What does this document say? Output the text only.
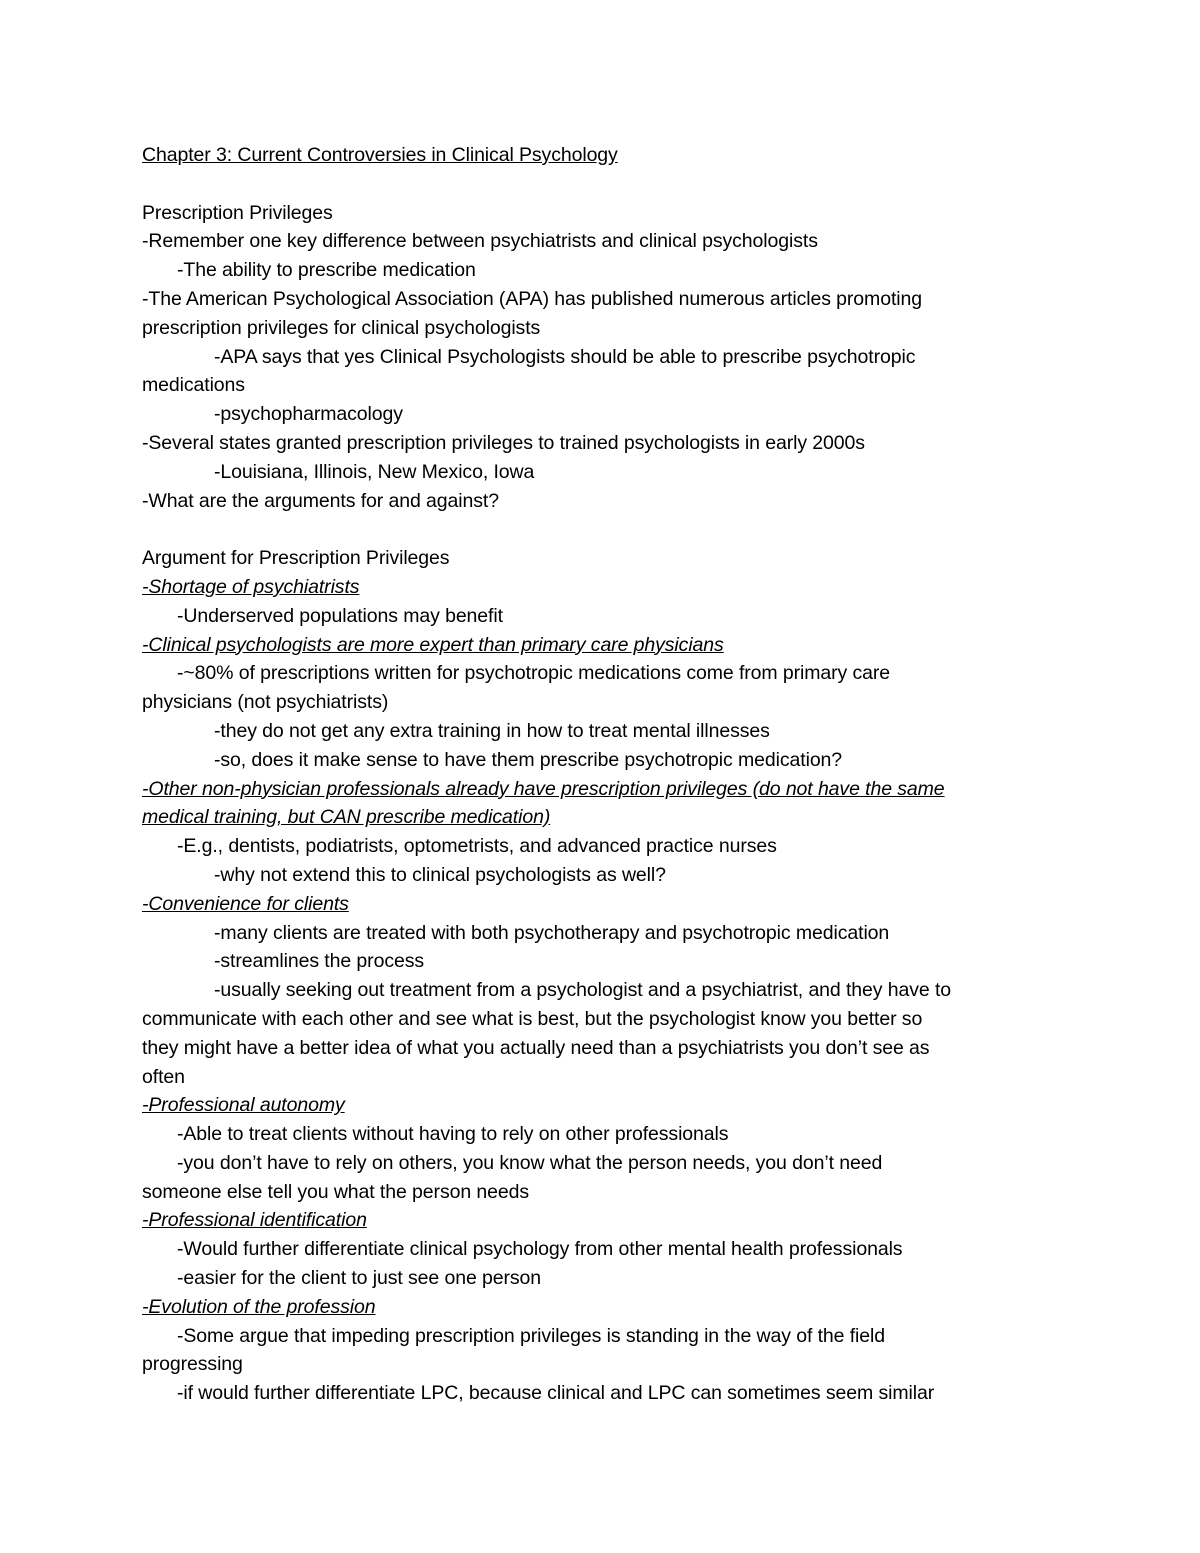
Chapter 3: Current Controversies in Clinical Psychology
Prescription Privileges
-Remember one key difference between psychiatrists and clinical psychologists
-The ability to prescribe medication
-The American Psychological Association (APA) has published numerous articles promoting
prescription privileges for clinical psychologists
-APA says that yes Clinical Psychologists should be able to prescribe psychotropic
medications
-psychopharmacology
-Several states granted prescription privileges to trained psychologists in early 2000s
-Louisiana, Illinois, New Mexico, Iowa
-What are the arguments for and against?
Argument for Prescription Privileges
-Shortage of psychiatrists
-Underserved populations may benefit
-Clinical psychologists are more expert than primary care physicians
-~80% of prescriptions written for psychotropic medications come from primary care
physicians (not psychiatrists)
-they do not get any extra training in how to treat mental illnesses
-so, does it make sense to have them prescribe psychotropic medication?
-Other non-physician professionals already have prescription privileges (do not have the same
medical training, but CAN prescribe medication)
-E.g., dentists, podiatrists, optometrists, and advanced practice nurses
-why not extend this to clinical psychologists as well?
-Convenience for clients
-many clients are treated with both psychotherapy and psychotropic medication
-streamlines the process
-usually seeking out treatment from a psychologist and a psychiatrist, and they have to
communicate with each other and see what is best, but the psychologist know you better so
they might have a better idea of what you actually need than a psychiatrists you don’t see as
often
-Professional autonomy
-Able to treat clients without having to rely on other professionals
-you don’t have to rely on others, you know what the person needs, you don’t need
someone else tell you what the person needs
-Professional identification
-Would further differentiate clinical psychology from other mental health professionals
-easier for the client to just see one person
-Evolution of the profession
-Some argue that impeding prescription privileges is standing in the way of the field
progressing
-if would further differentiate LPC, because clinical and LPC can sometimes seem similar
